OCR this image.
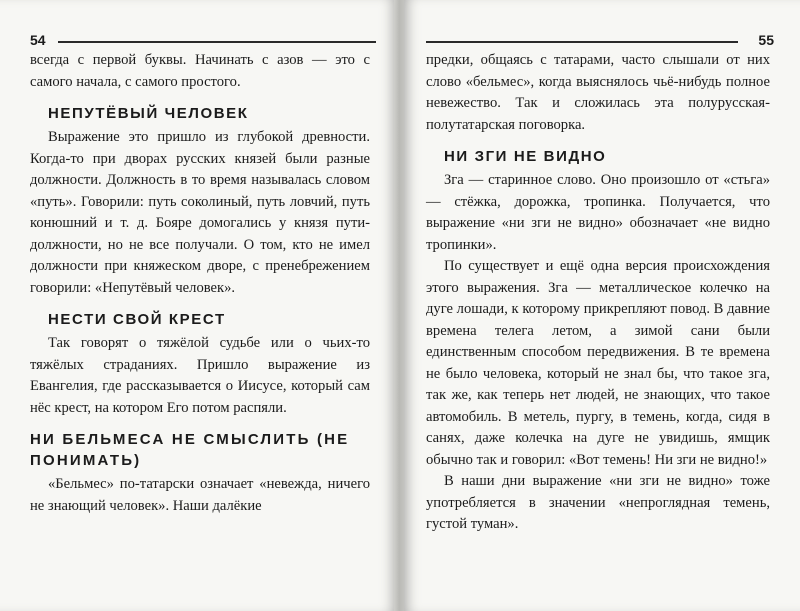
54

всегда с первой буквы. Начинать с азов — это с самого начала, с самого простого.

НЕПУТЁВЫЙ ЧЕЛОВЕК

Выражение это пришло из глубокой древности. Когда-то при дворах русских князей были разные должности. Должность в то время называлась словом «путь». Говорили: путь соколиный, путь ловчий, путь конюшний и т. д. Бояре домогались у князя пути-должности, но не все получали. О том, кто не имел должности при княжеском дворе, с пренебрежением говорили: «Непутёвый человек».

НЕСТИ СВОЙ КРЕСТ

Так говорят о тяжёлой судьбе или о чьих-то тяжёлых страданиях. Пришло выражение из Евангелия, где рассказывается о Иисусе, который сам нёс крест, на котором Его потом распяли.

НИ БЕЛЬМЕСА НЕ СМЫСЛИТЬ (НЕ ПОНИМАТЬ)

«Бельмес» по-татарски означает «невежда, ничего не знающий человек». Наши далёкие

55

предки, общаясь с татарами, часто слышали от них слово «бельмес», когда выяснялось чьё-нибудь полное невежество. Так и сложилась эта полурусская-полутатарская поговорка.

НИ ЗГИ НЕ ВИДНО

Зга — старинное слово. Оно произошло от «стьга» — стёжка, дорожка, тропинка. Получается, что выражение «ни зги не видно» обозначает «не видно тропинки».

По существует и ещё одна версия происхождения этого выражения. Зга — металлическое колечко на дуге лошади, к которому прикрепляют повод. В давние времена телега летом, а зимой сани были единственным способом передвижения. В те времена не было человека, который не знал бы, что такое зга, так же, как теперь нет людей, не знающих, что такое автомобиль. В метель, пургу, в темень, когда, сидя в санях, даже колечка на дуге не увидишь, ямщик обычно так и говорил: «Вот темень! Ни зги не видно!»

В наши дни выражение «ни зги не видно» тоже употребляется в значении «непроглядная темень, густой туман».
